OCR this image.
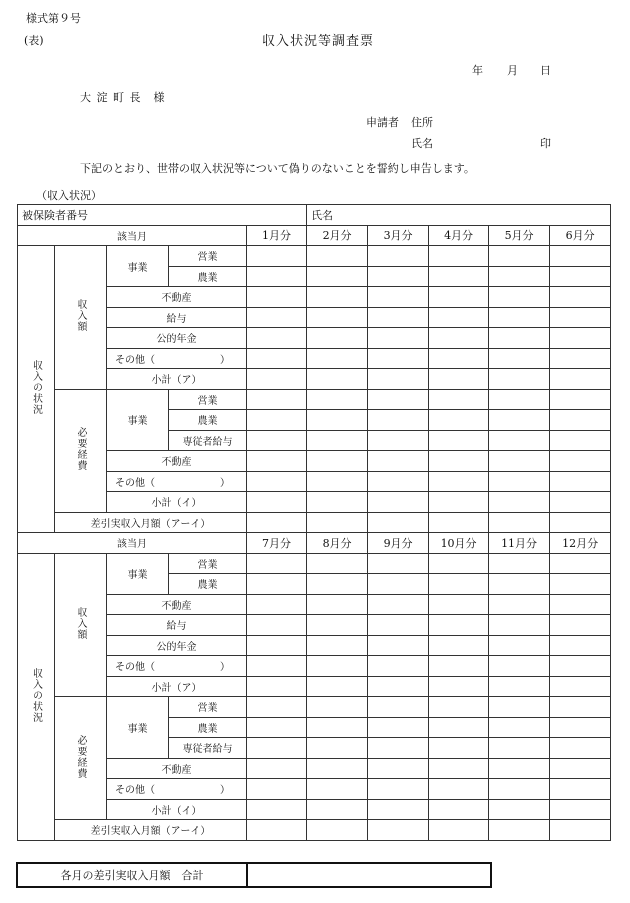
様式第９号
(表)	収入状況等調査票
年 月 日
大 淀 町 長　様
申請者 住所
氏名	印
下記のとおり、世帯の収入状況等について偽りのないことを誓約し申告します。
（収入状況）
被保険者番号					氏名				
該当月				1月分	2月分	3月分	4月分	5月分	6月分
収入の状況	収入額	事業	営業						
			農業						
		不動産							
		給与							
		公的年金							

		その他（ ）							

		小計（ア）							
	必要経費	事業	営業						
			農業						
			専従者給与						
		不動産							

		その他（ ）							

		小計（イ）							
	差引実収入月額（アーイ）								
該当月				7月分	8月分	9月分	10月分	11月分	12月分
収入の状況	収入額	事業	営業						
			農業						
		不動産							
		給与							
		公的年金							

		その他（ ）							

		小計（ア）							
	必要経費	事業	営業						
			農業						
			専従者給与						
		不動産							

		その他（ ）							

		小計（イ）							
	差引実収入月額（アーイ）								
各月の差引実収入月額　合計	
